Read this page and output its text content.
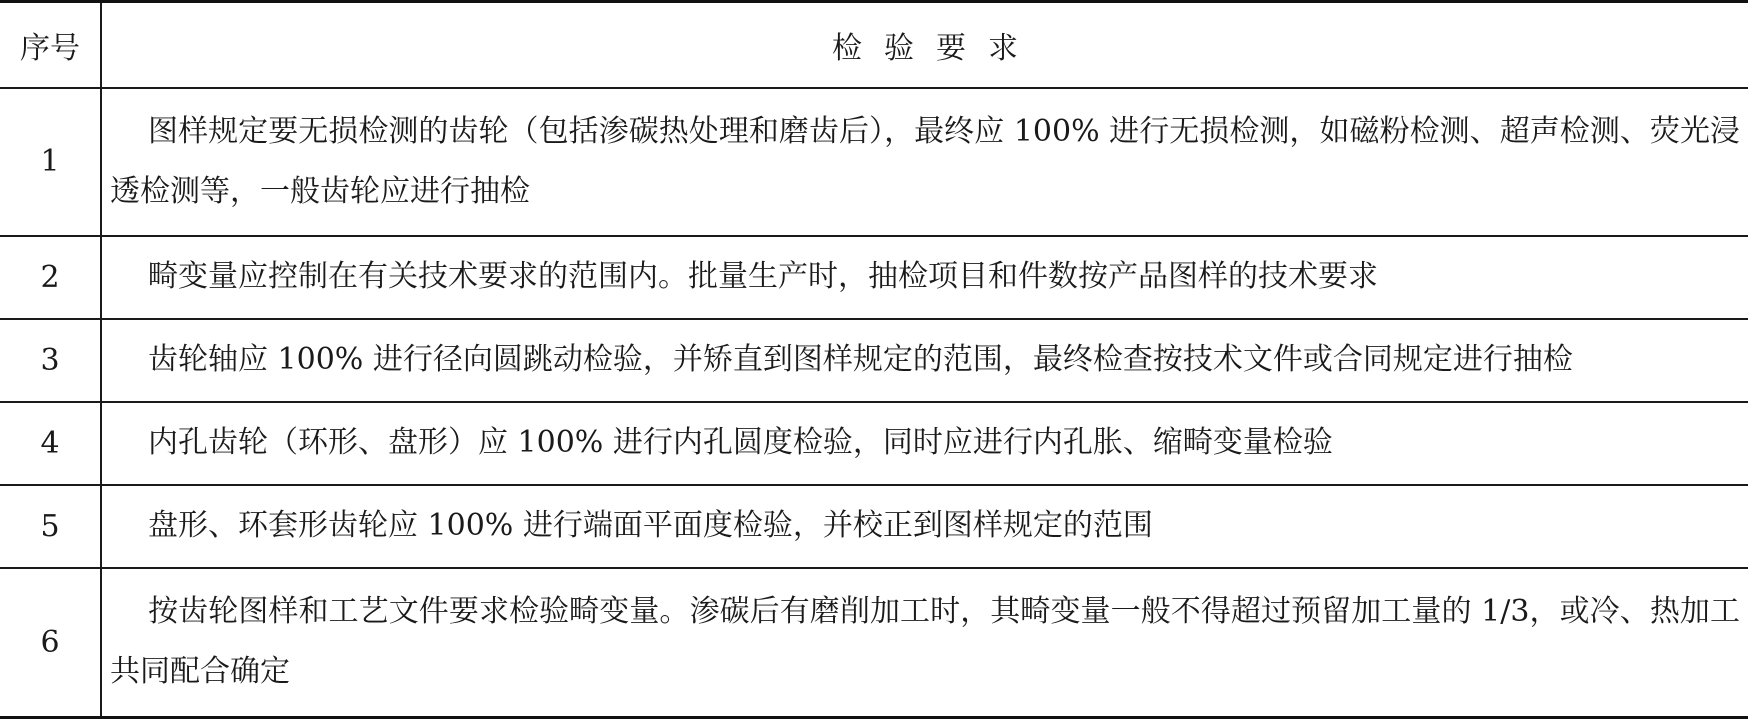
序号	检验要求
1	图样规定要无损检测的齿轮（包括渗碳热处理和磨齿后），最终应 100% 进行无损检测，如磁粉检测、超声检测、荧光浸透检测等，一般齿轮应进行抽检
2	畸变量应控制在有关技术要求的范围内。批量生产时，抽检项目和件数按产品图样的技术要求
3	齿轮轴应 100% 进行径向圆跳动检验，并矫直到图样规定的范围，最终检查按技术文件或合同规定进行抽检
4	内孔齿轮（环形、盘形）应 100% 进行内孔圆度检验，同时应进行内孔胀、缩畸变量检验
5	盘形、环套形齿轮应 100% 进行端面平面度检验，并校正到图样规定的范围
6	按齿轮图样和工艺文件要求检验畸变量。渗碳后有磨削加工时，其畸变量一般不得超过预留加工量的 1/3，或冷、热加工共同配合确定
